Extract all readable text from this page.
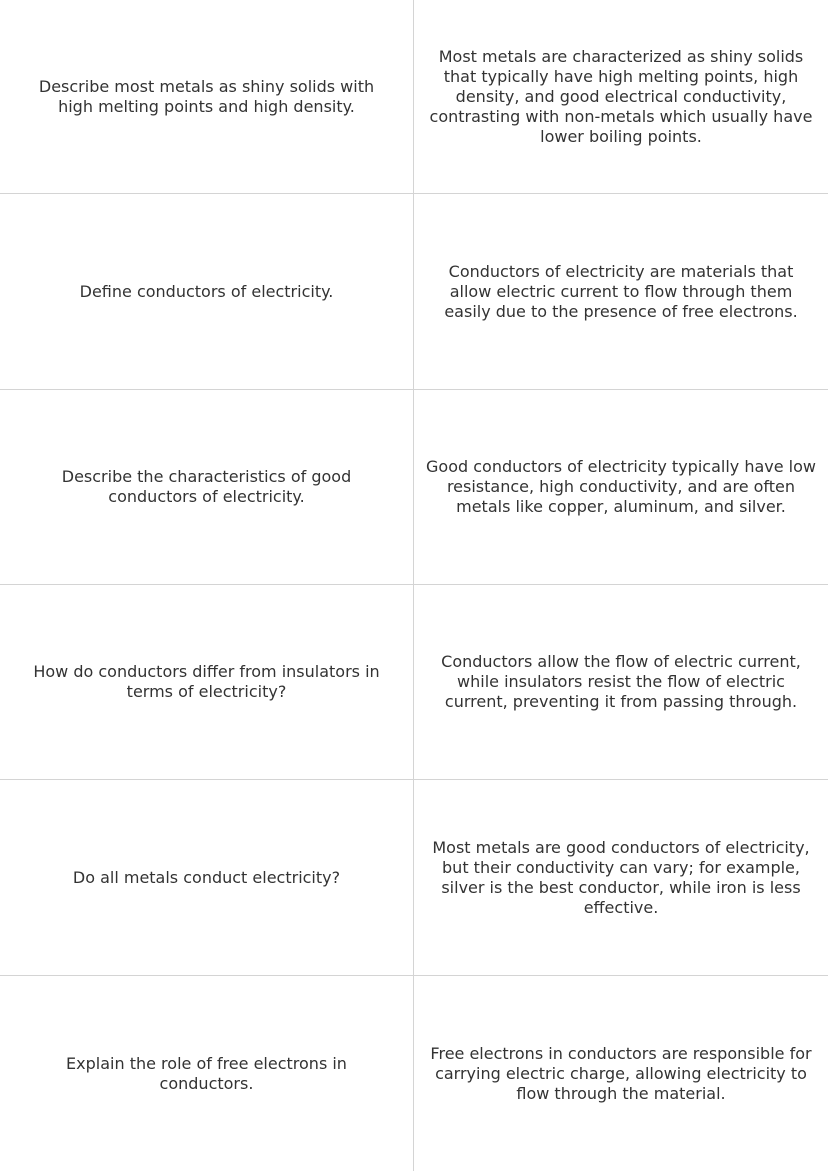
Describe most metals as shiny solids with high melting points and high density.
Most metals are characterized as shiny solids that typically have high melting points, high density, and good electrical conductivity, contrasting with non-metals which usually have lower boiling points.
Define conductors of electricity.
Conductors of electricity are materials that allow electric current to flow through them easily due to the presence of free electrons.
Describe the characteristics of good conductors of electricity.
Good conductors of electricity typically have low resistance, high conductivity, and are often metals like copper, aluminum, and silver.
How do conductors differ from insulators in terms of electricity?
Conductors allow the flow of electric current, while insulators resist the flow of electric current, preventing it from passing through.
Do all metals conduct electricity?
Most metals are good conductors of electricity, but their conductivity can vary; for example, silver is the best conductor, while iron is less effective.
Explain the role of free electrons in conductors.
Free electrons in conductors are responsible for carrying electric charge, allowing electricity to flow through the material.
